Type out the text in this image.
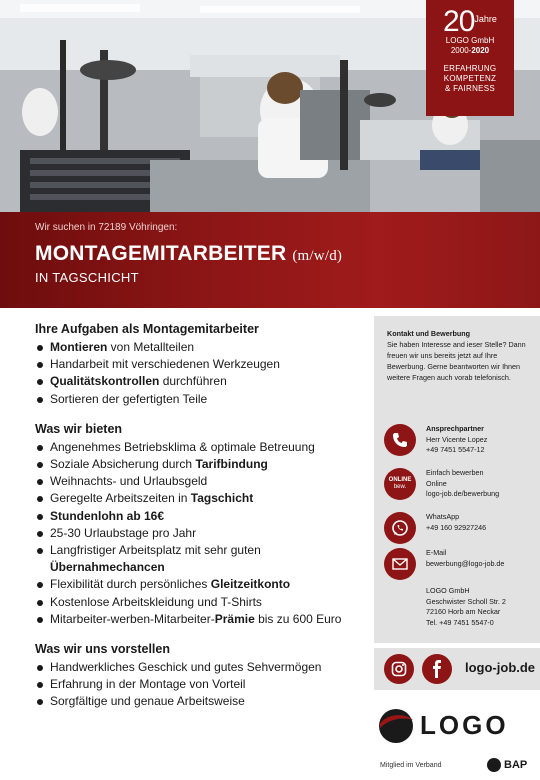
20Jahre
LOGO GmbH
2000-2020
ERFAHRUNG
KOMPETENZ
& FAIRNESS
Wir suchen in 72189 Vöhringen:
MONTAGEMITARBEITER (m/w/d)
IN TAGSCHICHT
Ihre Aufgaben als Montagemitarbeiter
Montieren von Metallteilen
Handarbeit mit verschiedenen Werkzeugen
Qualitätskontrollen durchführen
Sortieren der gefertigten Teile
Was wir bieten
Angenehmes Betriebsklima & optimale Betreuung
Soziale Absicherung durch Tarifbindung
Weihnachts- und Urlaubsgeld
Geregelte Arbeitszeiten in Tagschicht
Stundenlohn ab 16€
25-30 Urlaubstage pro Jahr
Langfristiger Arbeitsplatz mit sehr guten Übernahmechancen
Flexibilität durch persönliches Gleitzeitkonto
Kostenlose Arbeitskleidung und T-Shirts
Mitarbeiter-werben-Mitarbeiter-Prämie bis zu 600 Euro
Was wir uns vorstellen
Handwerkliches Geschick und gutes Sehvermögen
Erfahrung in der Montage von Vorteil
Sorgfältige und genaue Arbeitsweise
Kontakt und Bewerbung
Sie haben Interesse and ieser Stelle? Dann freuen wir uns bereits jetzt auf Ihre Bewerbung. Gerne beantworten wir Ihnen weitere Fragen auch vorab telefonisch.
Ansprechpartner
Herr Vicente Lopez
+49 7451 5547-12
ONLINE
bew.
Einfach bewerben
Online
logo-job.de/bewerbung
WhatsApp
+49 160 92927246
E-Mail
bewerbung@logo-job.de
LOGO GmbH
Geschwister Scholl Str. 2
72160 Horb am Neckar
Tel. +49 7451 5547-0
logo-job.de
LOGO
Mitglied im Verband	BAP
